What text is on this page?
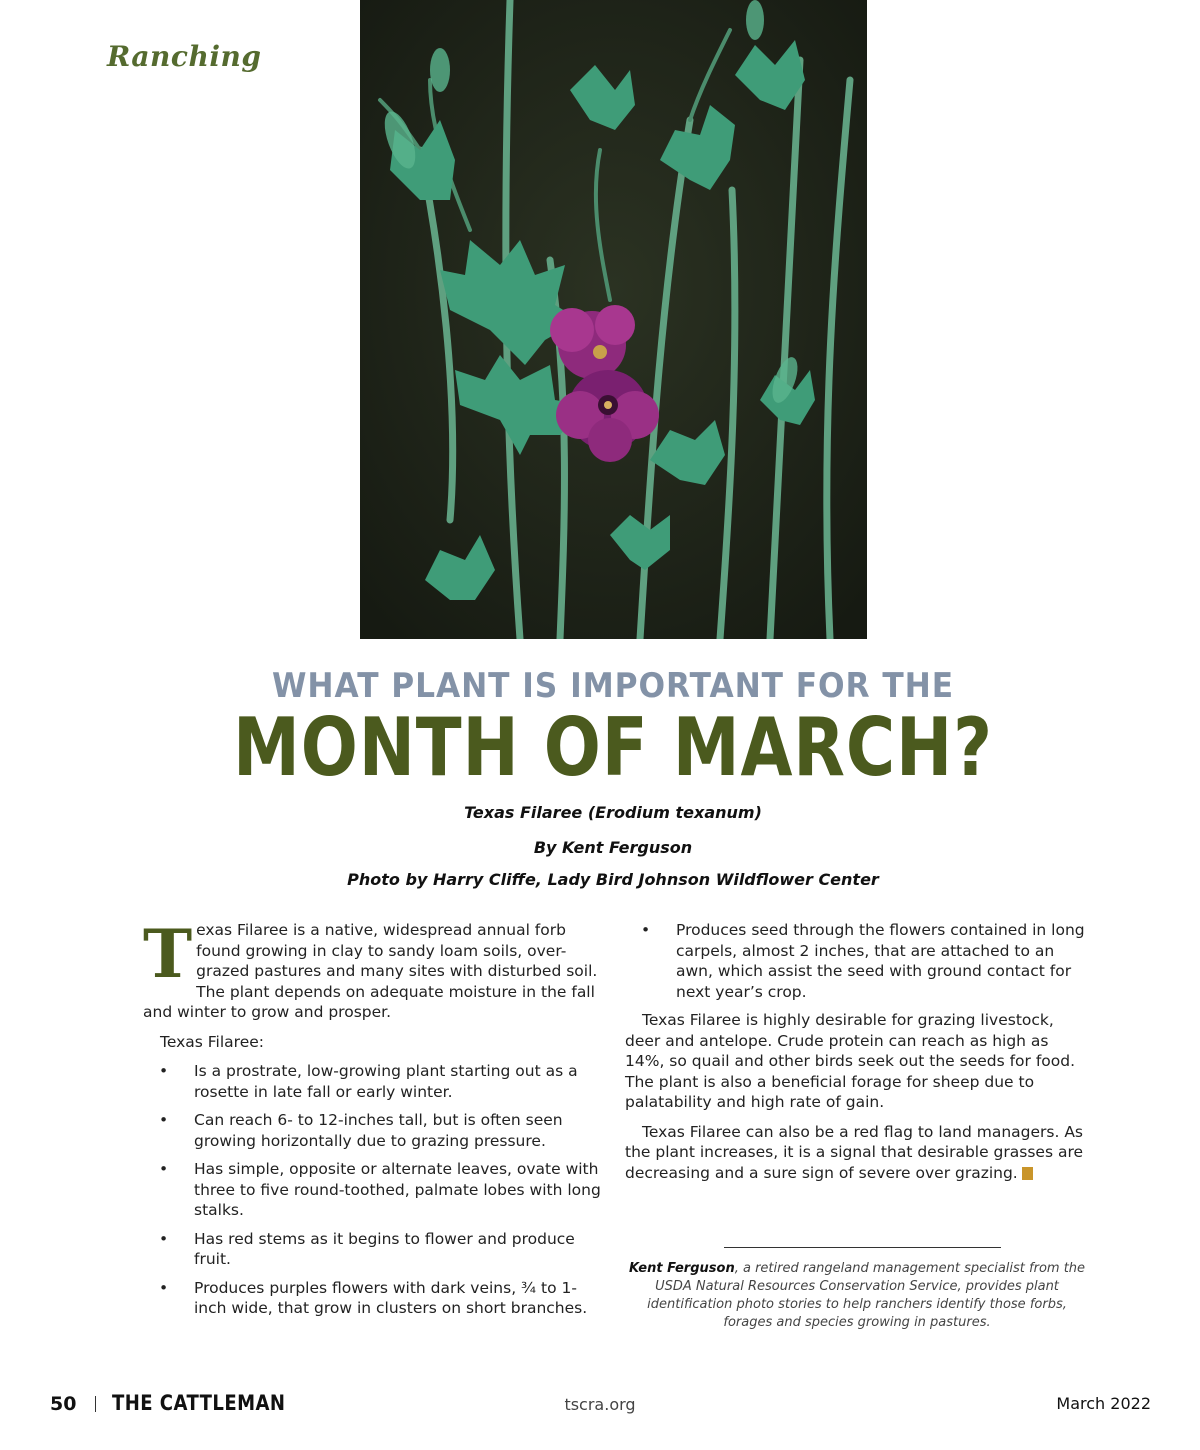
Ranching
WHAT PLANT IS IMPORTANT FOR THE
MONTH OF MARCH?
Texas Filaree (Erodium texanum)
By Kent Ferguson
Photo by Harry Cliffe, Lady Bird Johnson Wildflower Center

Texas Filaree is a native, widespread annual forb found growing in clay to sandy loam soils, over-grazed pastures and many sites with disturbed soil. The plant depends on adequate moisture in the fall and winter to grow and prosper.

Texas Filaree:

• Is a prostrate, low-growing plant starting out as a rosette in late fall or early winter.
• Can reach 6- to 12-inches tall, but is often seen growing horizontally due to grazing pressure.
• Has simple, opposite or alternate leaves, ovate with three to five round-toothed, palmate lobes with long stalks.
• Has red stems as it begins to flower and produce fruit.
• Produces purples flowers with dark veins, ¾ to 1-inch wide, that grow in clusters on short branches.
• Produces seed through the flowers contained in long carpels, almost 2 inches, that are attached to an awn, which assist the seed with ground contact for next year’s crop.

Texas Filaree is highly desirable for grazing livestock, deer and antelope. Crude protein can reach as high as 14%, so quail and other birds seek out the seeds for food. The plant is also a beneficial forage for sheep due to palatability and high rate of gain.

Texas Filaree can also be a red flag to land managers. As the plant increases, it is a signal that desirable grasses are decreasing and a sure sign of severe over grazing. T

Kent Ferguson, a retired rangeland management specialist from the USDA Natural Resources Conservation Service, provides plant identification photo stories to help ranchers identify those forbs, forages and species growing in pastures.
50 THE CATTLEMAN	tscra.org	March 2022
